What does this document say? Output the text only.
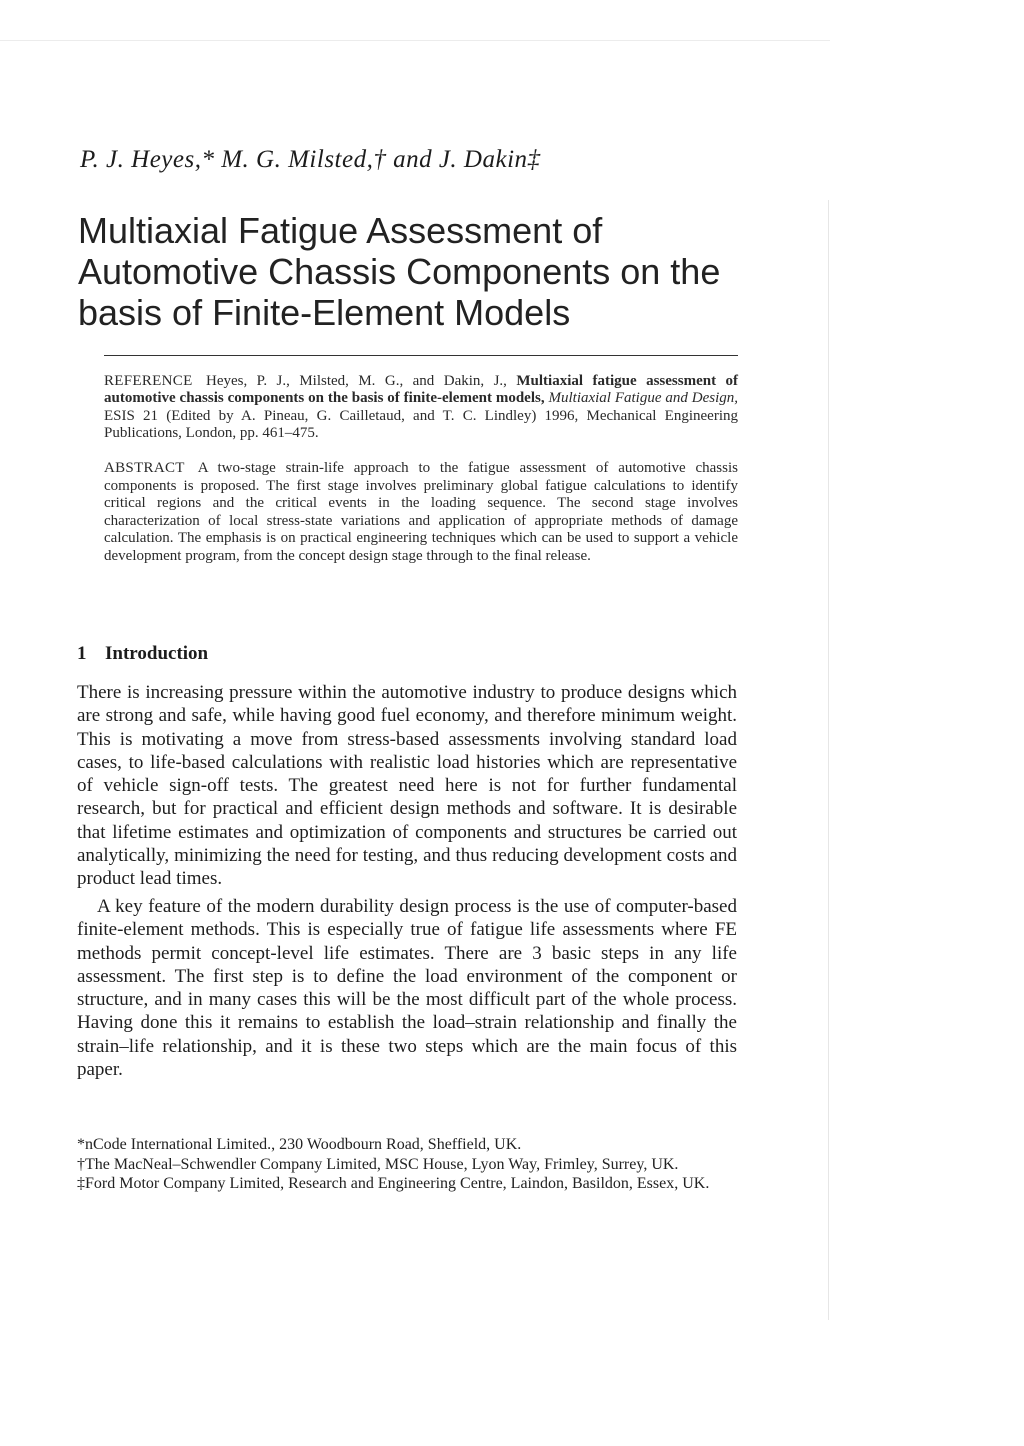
P. J. Heyes,* M. G. Milsted,† and J. Dakin‡

Multiaxial Fatigue Assessment of
Automotive Chassis Components on the
basis of Finite-Element Models

REFERENCE Heyes, P. J., Milsted, M. G., and Dakin, J., Multiaxial fatigue assessment of automotive chassis components on the basis of finite-element models, Multiaxial Fatigue and Design, ESIS 21 (Edited by A. Pineau, G. Cailletaud, and T. C. Lindley) 1996, Mechanical Engineering Publications, London, pp. 461–475.

ABSTRACT A two-stage strain-life approach to the fatigue assessment of automotive chassis components is proposed. The first stage involves preliminary global fatigue calculations to identify critical regions and the critical events in the loading sequence. The second stage involves characterization of local stress-state variations and application of appropriate methods of damage calculation. The emphasis is on practical engineering techniques which can be used to support a vehicle development program, from the concept design stage through to the final release.

1 Introduction

There is increasing pressure within the automotive industry to produce designs which are strong and safe, while having good fuel economy, and therefore minimum weight. This is motivating a move from stress-based assessments involving standard load cases, to life-based calculations with realistic load histories which are representative of vehicle sign-off tests. The greatest need here is not for further fundamental research, but for practical and efficient design methods and software. It is desirable that lifetime estimates and optimization of components and structures be carried out analytically, minimizing the need for testing, and thus reducing development costs and product lead times.

A key feature of the modern durability design process is the use of computer-based finite-element methods. This is especially true of fatigue life assessments where FE methods permit concept-level life estimates. There are 3 basic steps in any life assessment. The first step is to define the load environment of the component or structure, and in many cases this will be the most difficult part of the whole process. Having done this it remains to establish the load–strain relationship and finally the strain–life relationship, and it is these two steps which are the main focus of this paper.

*nCode International Limited., 230 Woodbourn Road, Sheffield, UK.
†The MacNeal–Schwendler Company Limited, MSC House, Lyon Way, Frimley, Surrey, UK.
‡Ford Motor Company Limited, Research and Engineering Centre, Laindon, Basildon, Essex, UK.
